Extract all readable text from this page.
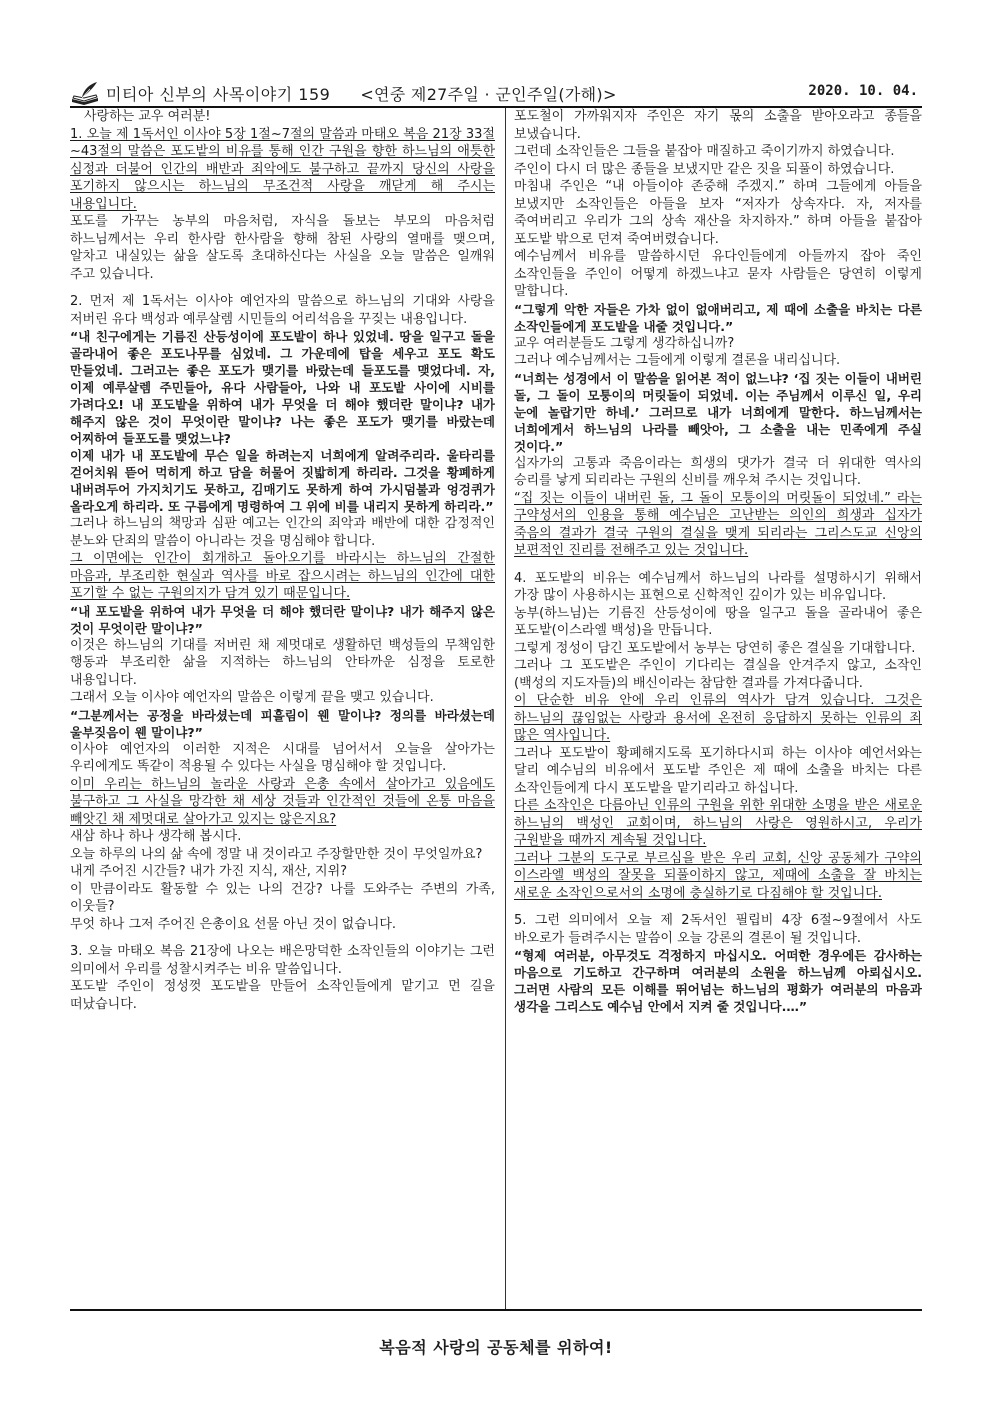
미티아 신부의 사목이야기 159 <연중 제27주일 · 군인주일(가해)>	2020. 10. 04.

사랑하는 교우 여러분!

1. 오늘 제 1독서인 이사야 5장 1절~7절의 말씀과 마태오 복음 21장 33절~43절의 말씀은 포도밭의 비유를 통해 인간 구원을 향한 하느님의 애틋한 심정과 더불어 인간의 배반과 죄악에도 불구하고 끝까지 당신의 사랑을 포기하지 않으시는 하느님의 무조건적 사랑을 깨닫게 해 주시는 내용입니다.

포도를 가꾸는 농부의 마음처럼, 자식을 돌보는 부모의 마음처럼 하느님께서는 우리 한사람 한사람을 향해 참된 사랑의 열매를 맺으며, 알차고 내실있는 삶을 살도록 초대하신다는 사실을 오늘 말씀은 일깨워 주고 있습니다.

2. 먼저 제 1독서는 이사야 예언자의 말씀으로 하느님의 기대와 사랑을 저버린 유다 백성과 예루살렘 시민들의 어리석음을 꾸짖는 내용입니다.

“내 친구에게는 기름진 산등성이에 포도밭이 하나 있었네. 땅을 일구고 돌을 골라내어 좋은 포도나무를 심었네. 그 가운데에 탑을 세우고 포도 확도 만들었네. 그러고는 좋은 포도가 맺기를 바랐는데 들포도를 맺었다네. 자, 이제 예루살렘 주민들아, 유다 사람들아, 나와 내 포도밭 사이에 시비를 가려다오! 내 포도밭을 위하여 내가 무엇을 더 해야 했더란 말이냐? 내가 해주지 않은 것이 무엇이란 말이냐? 나는 좋은 포도가 맺기를 바랐는데 어찌하여 들포도를 맺었느냐?

이제 내가 내 포도밭에 무슨 일을 하려는지 너희에게 알려주리라. 울타리를 걷어치워 뜯어 먹히게 하고 담을 허물어 짓밟히게 하리라. 그것을 황폐하게 내버려두어 가지치기도 못하고, 김매기도 못하게 하여 가시덤불과 엉겅퀴가 올라오게 하리라. 또 구름에게 명령하여 그 위에 비를 내리지 못하게 하리라.”

그러나 하느님의 책망과 심판 예고는 인간의 죄악과 배반에 대한 감정적인 분노와 단죄의 말씀이 아니라는 것을 명심해야 합니다.

그 이면에는 인간이 회개하고 돌아오기를 바라시는 하느님의 간절한 마음과, 부조리한 현실과 역사를 바로 잡으시려는 하느님의 인간에 대한 포기할 수 없는 구원의지가 담겨 있기 때문입니다.

“내 포도밭을 위하여 내가 무엇을 더 해야 했더란 말이냐? 내가 해주지 않은 것이 무엇이란 말이냐?”

이것은 하느님의 기대를 저버린 채 제멋대로 생활하던 백성들의 무책임한 행동과 부조리한 삶을 지적하는 하느님의 안타까운 심정을 토로한 내용입니다.

그래서 오늘 이사야 예언자의 말씀은 이렇게 끝을 맺고 있습니다.

“그분께서는 공정을 바라셨는데 피흘림이 웬 말이냐? 정의를 바라셨는데 울부짖음이 웬 말이냐?”

이사야 예언자의 이러한 지적은 시대를 넘어서서 오늘을 살아가는 우리에게도 똑같이 적용될 수 있다는 사실을 명심해야 할 것입니다.

이미 우리는 하느님의 놀라운 사랑과 은총 속에서 살아가고 있음에도 불구하고 그 사실을 망각한 채 세상 것들과 인간적인 것들에 온통 마음을 빼앗긴 채 제멋대로 살아가고 있지는 않은지요?

새삼 하나 하나 생각해 봅시다.

오늘 하루의 나의 삶 속에 정말 내 것이라고 주장할만한 것이 무엇일까요?

내게 주어진 시간들? 내가 가진 지식, 재산, 지위?

이 만큼이라도 활동할 수 있는 나의 건강? 나를 도와주는 주변의 가족, 이웃들?

무엇 하나 그저 주어진 은총이요 선물 아닌 것이 없습니다.

3. 오늘 마태오 복음 21장에 나오는 배은망덕한 소작인들의 이야기는 그런 의미에서 우리를 성찰시켜주는 비유 말씀입니다.

포도밭 주인이 정성껏 포도밭을 만들어 소작인들에게 맡기고 먼 길을 떠났습니다.

포도철이 가까워지자 주인은 자기 몫의 소출을 받아오라고 종들을 보냈습니다.

그런데 소작인들은 그들을 붙잡아 매질하고 죽이기까지 하였습니다.

주인이 다시 더 많은 종들을 보냈지만 같은 짓을 되풀이 하였습니다.

마침내 주인은 “내 아들이야 존중해 주겠지.” 하며 그들에게 아들을 보냈지만 소작인들은 아들을 보자 “저자가 상속자다. 자, 저자를 죽여버리고 우리가 그의 상속 재산을 차지하자.” 하며 아들을 붙잡아 포도밭 밖으로 던져 죽여버렸습니다.

예수님께서 비유를 말씀하시던 유다인들에게 아들까지 잡아 죽인 소작인들을 주인이 어떻게 하겠느냐고 묻자 사람들은 당연히 이렇게 말합니다.

“그렇게 악한 자들은 가차 없이 없애버리고, 제 때에 소출을 바치는 다른 소작인들에게 포도밭을 내줄 것입니다.”

교우 여러분들도 그렇게 생각하십니까?

그러나 예수님께서는 그들에게 이렇게 결론을 내리십니다.

“너희는 성경에서 이 말씀을 읽어본 적이 없느냐? ‘집 짓는 이들이 내버린 돌, 그 돌이 모퉁이의 머릿돌이 되었네. 이는 주님께서 이루신 일, 우리 눈에 놀랍기만 하네.’ 그러므로 내가 너희에게 말한다. 하느님께서는 너희에게서 하느님의 나라를 빼앗아, 그 소출을 내는 민족에게 주실 것이다.”

십자가의 고통과 죽음이라는 희생의 댓가가 결국 더 위대한 역사의 승리를 낳게 되리라는 구원의 신비를 깨우쳐 주시는 것입니다.

“집 짓는 이들이 내버린 돌, 그 돌이 모퉁이의 머릿돌이 되었네.” 라는 구약성서의 인용을 통해 예수님은 고난받는 의인의 희생과 십자가 죽음의 결과가 결국 구원의 결실을 맺게 되리라는 그리스도교 신앙의 보편적인 진리를 전해주고 있는 것입니다.

4. 포도밭의 비유는 예수님께서 하느님의 나라를 설명하시기 위해서 가장 많이 사용하시는 표현으로 신학적인 깊이가 있는 비유입니다.

농부(하느님)는 기름진 산등성이에 땅을 일구고 돌을 골라내어 좋은 포도밭(이스라엘 백성)을 만듭니다.

그렇게 정성이 담긴 포도밭에서 농부는 당연히 좋은 결실을 기대합니다.

그러나 그 포도밭은 주인이 기다리는 결실을 안겨주지 않고, 소작인(백성의 지도자들)의 배신이라는 참담한 결과를 가져다줍니다.

이 단순한 비유 안에 우리 인류의 역사가 담겨 있습니다. 그것은 하느님의 끊임없는 사랑과 용서에 온전히 응답하지 못하는 인류의 죄 많은 역사입니다.

그러나 포도밭이 황폐해지도록 포기하다시피 하는 이사야 예언서와는 달리 예수님의 비유에서 포도밭 주인은 제 때에 소출을 바치는 다른 소작인들에게 다시 포도밭을 맡기리라고 하십니다.

다른 소작인은 다름아닌 인류의 구원을 위한 위대한 소명을 받은 새로운 하느님의 백성인 교회이며, 하느님의 사랑은 영원하시고, 우리가 구원받을 때까지 계속될 것입니다.

그러나 그분의 도구로 부르심을 받은 우리 교회, 신앙 공동체가 구약의 이스라엘 백성의 잘못을 되풀이하지 않고, 제때에 소출을 잘 바치는 새로운 소작인으로서의 소명에 충실하기로 다짐해야 할 것입니다.

5. 그런 의미에서 오늘 제 2독서인 필립비 4장 6절~9절에서 사도 바오로가 들려주시는 말씀이 오늘 강론의 결론이 될 것입니다.

“형제 여러분, 아무것도 걱정하지 마십시오. 어떠한 경우에든 감사하는 마음으로 기도하고 간구하며 여러분의 소원을 하느님께 아뢰십시오. 그러면 사람의 모든 이해를 뛰어넘는 하느님의 평화가 여러분의 마음과 생각을 그리스도 예수님 안에서 지켜 줄 것입니다.…”

복음적 사랑의 공동체를 위하여!
